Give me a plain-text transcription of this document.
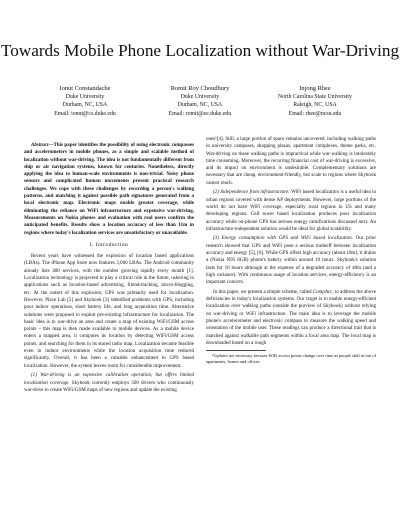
Towards Mobile Phone Localization without War-Driving
Ionut Constandache
Duke University
Durham, NC, USA
Email: ionut@cs.duke.edu
Romit Roy Choudhury
Duke University
Durham, NC, USA
Email: romit@ee.duke.edu
Injong Rhee
North Carolina State University
Raleigh, NC, USA
Email: rhee@ncsu.edu

Abstract—This paper identifies the possibility of using electronic compasses and accelerometers in mobile phones, as a simple and scalable method of localization without war-driving. The idea is not fundamentally different from ship or air navigation systems, known for centuries. Nonetheless, directly applying the idea to human-scale environments is non-trivial. Noisy phone sensors and complicated human movements present practical research challenges. We cope with these challenges by recording a person's walking patterns, and matching it against possible path signatures generated from a local electronic map. Electronic maps enable greater coverage, while eliminating the reliance on WiFi infrastructure and expensive war-driving. Measurements on Nokia phones and evaluation with real users confirm the anticipated benefits. Results show a location accuracy of less than 11m in regions where today's localization services are unsatisfactory or unavailable.

I. Introduction

Recent years have witnessed the explosion of location based applications (LBAs). The iPhone App Store now features 3,000 LBAs. The Android community already lists 400 services, with the number growing rapidly every month [1]. Localization technology is projected to play a critical role in the future, ushering in applications such as location-based advertising, friend-tracking, micro-blogging, etc. At the outset of this explosion, GPS was primarily used for localization. However, Place Lab [2] and Skyhook [3] identified problems with GPS, including poor indoor operations, short battery life, and long acquisition time. Alternative solutions were proposed to exploit pre-existing infrastructure for localization. The basic idea is to war-drive an area and create a map of existing WiFi/GSM access points – this map is then made available to mobile devices. As a mobile device enters a mapped area, it computes its location by detecting WiFi/GSM access points, and searching for them in its stored radio map. Localization became feasible even in indoor environments while the location acquisition time reduced significantly. Overall, it has been a valuable enhancement to GPS based localization. However, the system leaves room for considerable improvement.

(1) War-driving is an expensive calibration operation, but offers limited localization coverage. Skyhook currently employs 500 drivers who continuously war-drive to create WiFi/GSM maps of new regions and update the existing

ones¹[4]. Still, a large portion of space remains uncovered, including walking paths in university campuses, shopping plazas, apartment complexes, theme parks, etc. War-driving on these walking paths is impractical while war-walking is intolerably time consuming. Moreover, the recurring financial cost of war-driving is excessive, and its impact on environment is undesirable. Complementary solutions are necessary that are cheap, environment-friendly, but scale to regions where Skyhook cannot reach.

(2) Independence from infrastructure: WiFi based localization is a useful idea in urban regions covered with dense AP deployments. However, large portions of the world do not have WiFi coverage, especially rural regions in US and many developing regions. Cell tower based localization produces poor localization accuracy while on-phone GPS has serious energy ramifications discussed next. An infrastructure-independent solution would be ideal for global scalability.

(3) Energy consumption with GPS and WiFi based localization. Our prior research showed that GPS and WiFi pose a serious tradeoff between localization accuracy and energy [5], [6]. While GPS offers high accuracy (about 10m), it drains a (Nokia N95 8GB) phone's battery within around 10 hours. Skyhook's solution lasts for 16 hours although at the expense of a degraded accuracy of 40m (and a high variance). With continuous usage of location services, energy-efficiency is an important concern.

In this paper, we present a simple scheme, called CompAcc, to address the above deficiencies in today's localization systems. Our target is to enable energy-efficient localization over walking paths (outside the purview of Skyhook) without relying on war-driving or WiFi infrastructure. The main idea is to leverage the mobile phone's accelerometer and electronic compass to measure the walking speed and orientation of the mobile user. These readings can produce a directional trail that is matched against walkable path segments within a local area map. The local map is downloaded based on a rough

¹Updates are necessary because WiFi access points change over time as people shift in/out of apartments, homes and offices.
